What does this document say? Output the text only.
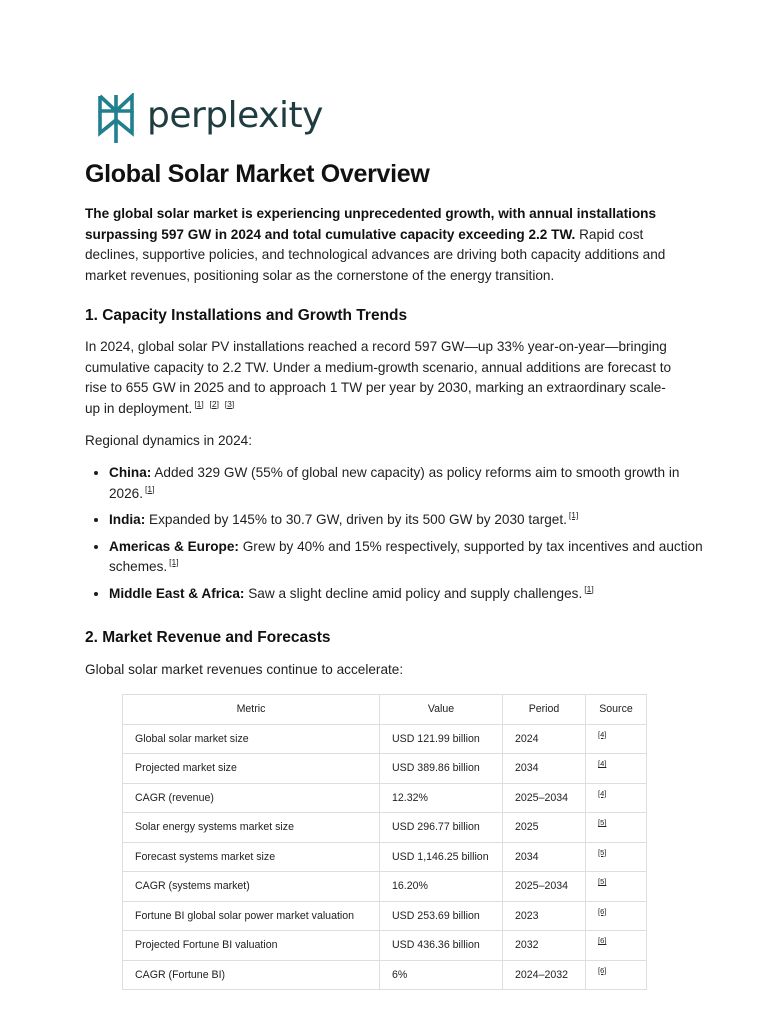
perplexity
Global Solar Market Overview

The global solar market is experiencing unprecedented growth, with annual installations surpassing 597 GW in 2024 and total cumulative capacity exceeding 2.2 TW. Rapid cost declines, supportive policies, and technological advances are driving both capacity additions and market revenues, positioning solar as the cornerstone of the energy transition.

1. Capacity Installations and Growth Trends

In 2024, global solar PV installations reached a record 597 GW—up 33% year-on-year—bringing cumulative capacity to 2.2 TW. Under a medium-growth scenario, annual additions are forecast to rise to 655 GW in 2025 and to approach 1 TW per year by 2030, marking an extraordinary scale-up in deployment. [1] [2] [3]

Regional dynamics in 2024:

• China: Added 329 GW (55% of global new capacity) as policy reforms aim to smooth growth in 2026. [1]
• India: Expanded by 145% to 30.7 GW, driven by its 500 GW by 2030 target. [1]
• Americas & Europe: Grew by 40% and 15% respectively, supported by tax incentives and auction schemes. [1]
• Middle East & Africa: Saw a slight decline amid policy and supply challenges. [1]
2. Market Revenue and Forecasts

Global solar market revenues continue to accelerate:

Metric	Value	Period	Source
Global solar market size	USD 121.99 billion	2024	[4]
Projected market size	USD 389.86 billion	2034	[4]
CAGR (revenue)	12.32%	2025–2034	[4]
Solar energy systems market size	USD 296.77 billion	2025	[5]
Forecast systems market size	USD 1,146.25 billion	2034	[5]
CAGR (systems market)	16.20%	2025–2034	[5]
Fortune BI global solar power market valuation	USD 253.69 billion	2023	[6]
Projected Fortune BI valuation	USD 436.36 billion	2032	[6]
CAGR (Fortune BI)	6%	2024–2032	[6]
